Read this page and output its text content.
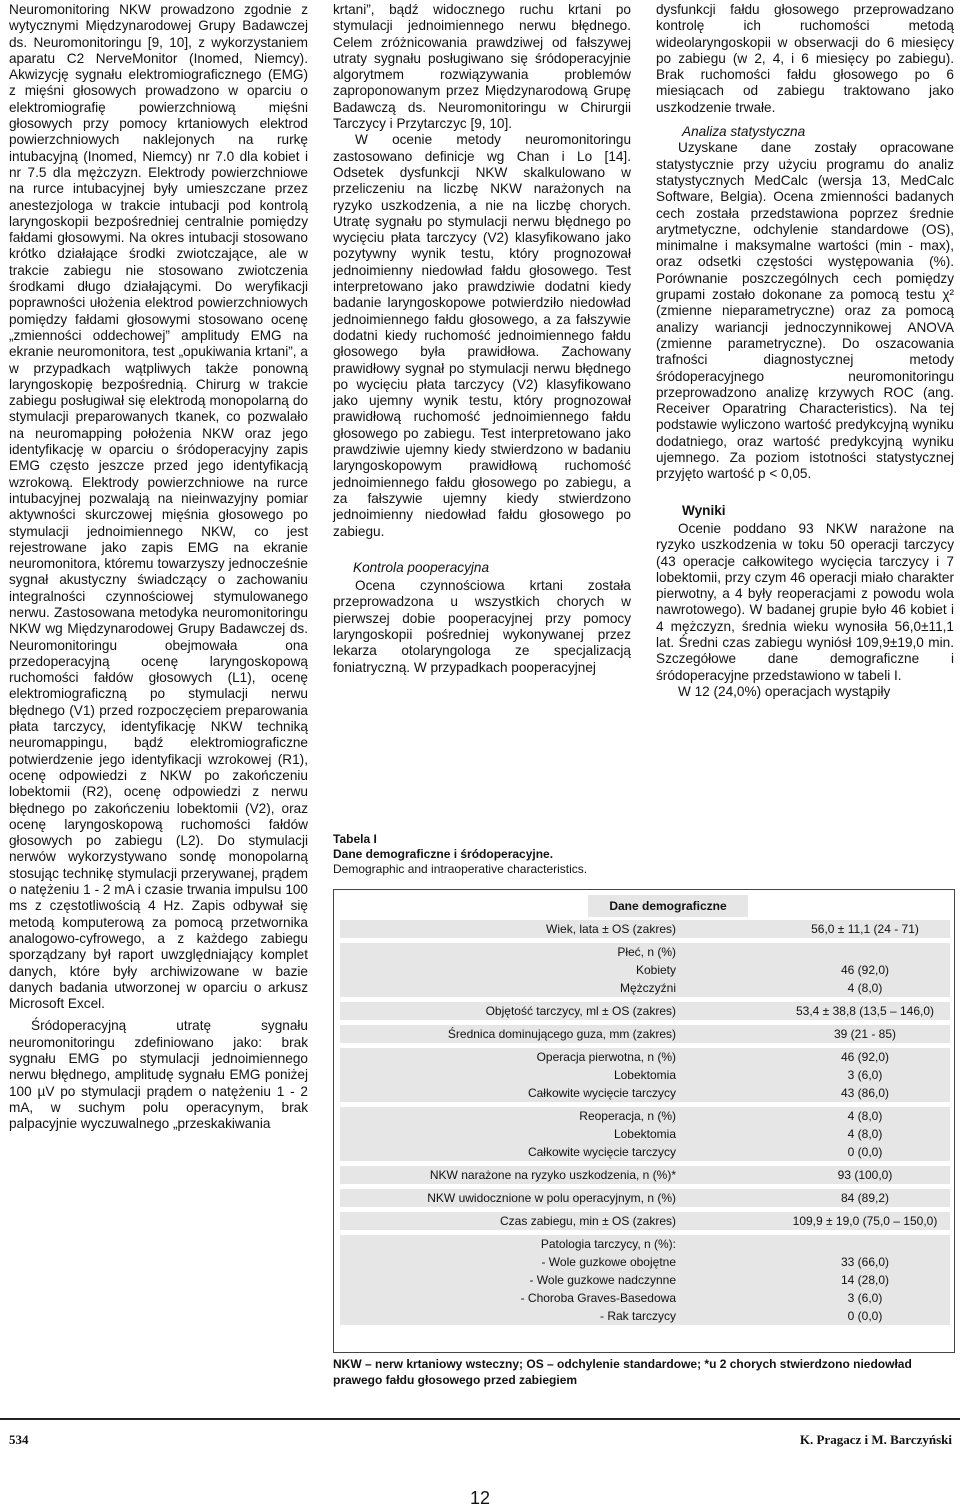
Neuromonitoring NKW prowadzono zgodnie z wytycznymi Międzynarodowej Grupy Badawczej ds. Neuromonitoringu [9, 10], z wykorzystaniem aparatu C2 NerveMonitor (Inomed, Niemcy). Akwizycję sygnału elektromiograficznego (EMG) z mięśni głosowych prowadzono w oparciu o elektromiografię powierzchniową mięśni głosowych przy pomocy krtaniowych elektrod powierzchniowych naklejonych na rurkę intubacyjną (Inomed, Niemcy) nr 7.0 dla kobiet i nr 7.5 dla mężczyzn. Elektrody powierzchniowe na rurce intubacyjnej były umieszczane przez anestezjologa w trakcie intubacji pod kontrolą laryngoskopii bezpośredniej centralnie pomiędzy fałdami głosowymi. Na okres intubacji stosowano krótko działające środki zwiotczające, ale w trakcie zabiegu nie stosowano zwiotczenia środkami długo działającymi. Do weryfikacji poprawności ułożenia elektrod powierzchniowych pomiędzy fałdami głosowymi stosowano ocenę „zmienności oddechowej” amplitudy EMG na ekranie neuromonitora, test „opukiwania krtani”, a w przypadkach wątpliwych także ponowną laryngoskopię bezpośrednią. Chirurg w trakcie zabiegu posługiwał się elektrodą monopolarną do stymulacji preparowanych tkanek, co pozwalało na neuromapping położenia NKW oraz jego identyfikację w oparciu o śródoperacyjny zapis EMG często jeszcze przed jego identyfikacją wzrokową. Elektrody powierzchniowe na rurce intubacyjnej pozwalają na nieinwazyjny pomiar aktywności skurczowej mięśnia głosowego po stymulacji jednoimiennego NKW, co jest rejestrowane jako zapis EMG na ekranie neuromonitora, któremu towarzyszy jednocześnie sygnał akustyczny świadczący o zachowaniu integralności czynnościowej stymulowanego nerwu. Zastosowana metodyka neuromonitoringu NKW wg Międzynarodowej Grupy Badawczej ds. Neuromonitoringu obejmowała ona przedoperacyjną ocenę laryngoskopową ruchomości fałdów głosowych (L1), ocenę elektromiograficzną po stymulacji nerwu błędnego (V1) przed rozpoczęciem preparowania płata tarczycy, identyfikację NKW techniką neuromappingu, bądź elektromiograficzne potwierdzenie jego identyfikacji wzrokowej (R1), ocenę odpowiedzi z NKW po zakończeniu lobektomii (R2), ocenę odpowiedzi z nerwu błędnego po zakończeniu lobektomii (V2), oraz ocenę laryngoskopową ruchomości fałdów głosowych po zabiegu (L2). Do stymulacji nerwów wykorzystywano sondę monopolarną stosując technikę stymulacji przerywanej, prądem o natężeniu 1 - 2 mA i czasie trwania impulsu 100 ms z częstotliwością 4 Hz. Zapis odbywał się metodą komputerową za pomocą przetwornika analogowo-cyfrowego, a z każdego zabiegu sporządzany był raport uwzględniający komplet danych, które były archiwizowane w bazie danych badania utworzonej w oparciu o arkusz Microsoft Excel.

Śródoperacyjną utratę sygnału neuromonitoringu zdefiniowano jako: brak sygnału EMG po stymulacji jednoimiennego nerwu błędnego, amplitudę sygnału EMG poniżej 100 µV po stymulacji prądem o natężeniu 1 - 2 mA, w suchym polu operacynym, brak palpacyjnie wyczuwalnego „przeskakiwania

krtani”, bądź widocznego ruchu krtani po stymulacji jednoimiennego nerwu błędnego. Celem zróżnicowania prawdziwej od fałszywej utraty sygnału posługiwano się śródoperacyjnie algorytmem rozwiązywania problemów zaproponowanym przez Międzynarodową Grupę Badawczą ds. Neuromonitoringu w Chirurgii Tarczycy i Przytarczyc [9, 10].

W ocenie metody neuromonitoringu zastosowano definicje wg Chan i Lo [14]. Odsetek dysfunkcji NKW skalkulowano w przeliczeniu na liczbę NKW narażonych na ryzyko uszkodzenia, a nie na liczbę chorych. Utratę sygnału po stymulacji nerwu błędnego po wycięciu płata tarczycy (V2) klasyfikowano jako pozytywny wynik testu, który prognozował jednoimienny niedowład fałdu głosowego. Test interpretowano jako prawdziwie dodatni kiedy badanie laryngoskopowe potwierdziło niedowład jednoimiennego fałdu głosowego, a za fałszywie dodatni kiedy ruchomość jednoimiennego fałdu głosowego była prawidłowa. Zachowany prawidłowy sygnał po stymulacji nerwu błędnego po wycięciu płata tarczycy (V2) klasyfikowano jako ujemny wynik testu, który prognozował prawidłową ruchomość jednoimiennego fałdu głosowego po zabiegu. Test interpretowano jako prawdziwie ujemny kiedy stwierdzono w badaniu laryngoskopowym prawidłową ruchomość jednoimiennego fałdu głosowego po zabiegu, a za fałszywie ujemny kiedy stwierdzono jednoimienny niedowład fałdu głosowego po zabiegu.

Kontrola pooperacyjna

Ocena czynnościowa krtani została przeprowadzona u wszystkich chorych w pierwszej dobie pooperacyjnej przy pomocy laryngoskopii pośredniej wykonywanej przez lekarza otolaryngologa ze specjalizacją foniatryczną. W przypadkach pooperacyjnej

dysfunkcji fałdu głosowego przeprowadzano kontrolę ich ruchomości metodą wideolaryngoskopii w obserwacji do 6 miesięcy po zabiegu (w 2, 4, i 6 miesięcy po zabiegu). Brak ruchomości fałdu głosowego po 6 miesiącach od zabiegu traktowano jako uszkodzenie trwałe.

Analiza statystyczna

Uzyskane dane zostały opracowane statystycznie przy użyciu programu do analiz statystycznych MedCalc (wersja 13, MedCalc Software, Belgia). Ocena zmienności badanych cech została przedstawiona poprzez średnie arytmetyczne, odchylenie standardowe (OS), minimalne i maksymalne wartości (min - max), oraz odsetki częstości występowania (%). Porównanie poszczególnych cech pomiędzy grupami zostało dokonane za pomocą testu χ² (zmienne nieparametryczne) oraz za pomocą analizy wariancji jednoczynnikowej ANOVA (zmienne parametryczne). Do oszacowania trafności diagnostycznej metody śródoperacyjnego neuromonitoringu przeprowadzono analizę krzywych ROC (ang. Receiver Oparatring Characteristics). Na tej podstawie wyliczono wartość predykcyjną wyniku dodatniego, oraz wartość predykcyjną wyniku ujemnego. Za poziom istotności statystycznej przyjęto wartość p < 0,05.

Wyniki

Ocenie poddano 93 NKW narażone na ryzyko uszkodzenia w toku 50 operacji tarczycy (43 operacje całkowitego wycięcia tarczycy i 7 lobektomii, przy czym 46 operacji miało charakter pierwotny, a 4 były reoperacjami z powodu wola nawrotowego). W badanej grupie było 46 kobiet i 4 mężczyzn, średnia wieku wynosiła 56,0±11,1 lat. Średni czas zabiegu wyniósł 109,9±19,0 min. Szczegółowe dane demograficzne i śródoperacyjne przedstawiono w tabeli I.

W 12 (24,0%) operacjach wystąpiły

Tabela I
Dane demograficzne i śródoperacyjne.
Demographic and intraoperative characteristics.
Dane demograficzne
Wiek, lata ± OS (zakres)	56,0 ± 11,1 (24 - 71)
Płeć, n (%)
Kobiety	46 (92,0)
Mężczyźni	4 (8,0)
Objętość tarczycy, ml ± OS (zakres)	53,4 ± 38,8 (13,5 – 146,0)
Średnica dominującego guza, mm (zakres)	39 (21 - 85)
Operacja pierwotna, n (%)	46 (92,0)
Lobektomia	3 (6,0)
Całkowite wycięcie tarczycy	43 (86,0)
Reoperacja, n (%)	4 (8,0)
Lobektomia	4 (8,0)
Całkowite wycięcie tarczycy	0 (0,0)
NKW narażone na ryzyko uszkodzenia, n (%)*	93 (100,0)
NKW uwidocznione w polu operacyjnym, n (%)	84 (89,2)
Czas zabiegu, min ± OS (zakres)	109,9 ± 19,0 (75,0 – 150,0)
Patologia tarczycy, n (%):
- Wole guzkowe obojętne	33 (66,0)
- Wole guzkowe nadczynne	14 (28,0)
- Choroba Graves-Basedowa	3 (6,0)
- Rak tarczycy	0 (0,0)
NKW – nerw krtaniowy wsteczny; OS – odchylenie standardowe; *u 2 chorych stwierdzono niedowład prawego fałdu głosowego przed zabiegiem
534	K. Pragacz i M. Barczyński
12
